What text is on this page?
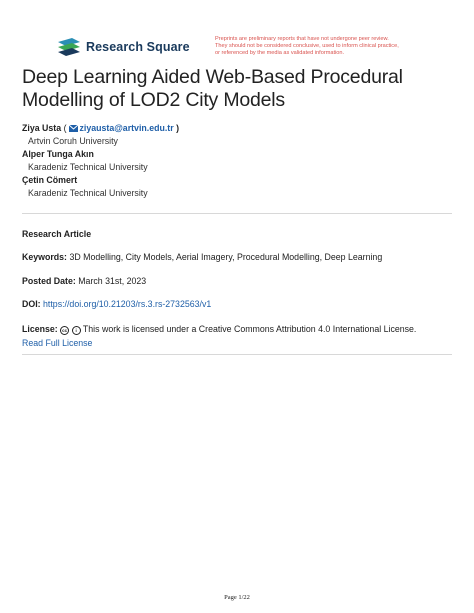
Research Square
Preprints are preliminary reports that have not undergone peer review.
They should not be considered conclusive, used to inform clinical practice,
or referenced by the media as validated information.
Deep Learning Aided Web-Based Procedural Modelling of LOD2 City Models
Ziya Usta ( ziyausta@artvin.edu.tr )
Artvin Coruh University
Alper Tunga Akın
Karadeniz Technical University
Çetin Cömert
Karadeniz Technical University
Research Article
Keywords: 3D Modelling, City Models, Aerial Imagery, Procedural Modelling, Deep Learning
Posted Date: March 31st, 2023
DOI: https://doi.org/10.21203/rs.3.rs-2732563/v1
License: cc i This work is licensed under a Creative Commons Attribution 4.0 International License.
Read Full License
Page 1/22
